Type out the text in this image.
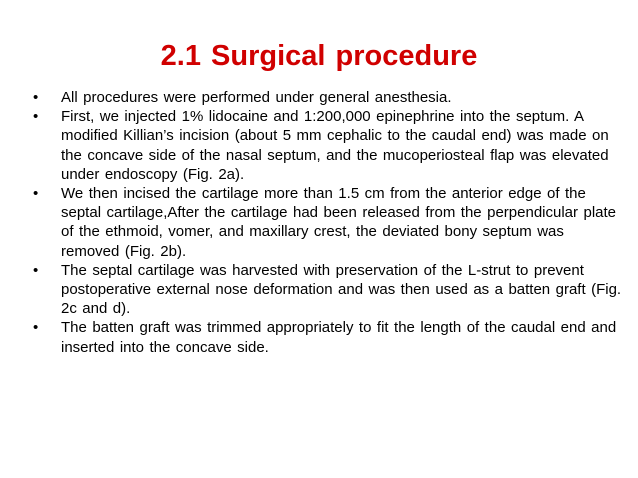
2.1 Surgical procedure
• All procedures were performed under general anesthesia.
• First, we injected 1% lidocaine and 1:200,000 epinephrine into the septum. A modified Killian’s incision (about 5 mm cephalic to the caudal end) was made on the concave side of the nasal septum, and the mucoperiosteal flap was elevated under endoscopy (Fig. 2a).
• We then incised the cartilage more than 1.5 cm from the anterior edge of the septal cartilage,After the cartilage had been released from the perpendicular plate of the ethmoid, vomer, and maxillary crest, the deviated bony septum was removed (Fig. 2b).
• The septal cartilage was harvested with preservation of the L-strut to prevent postoperative external nose deformation and was then used as a batten graft (Fig. 2c and d).
• The batten graft was trimmed appropriately to fit the length of the caudal end and inserted into the concave side.
